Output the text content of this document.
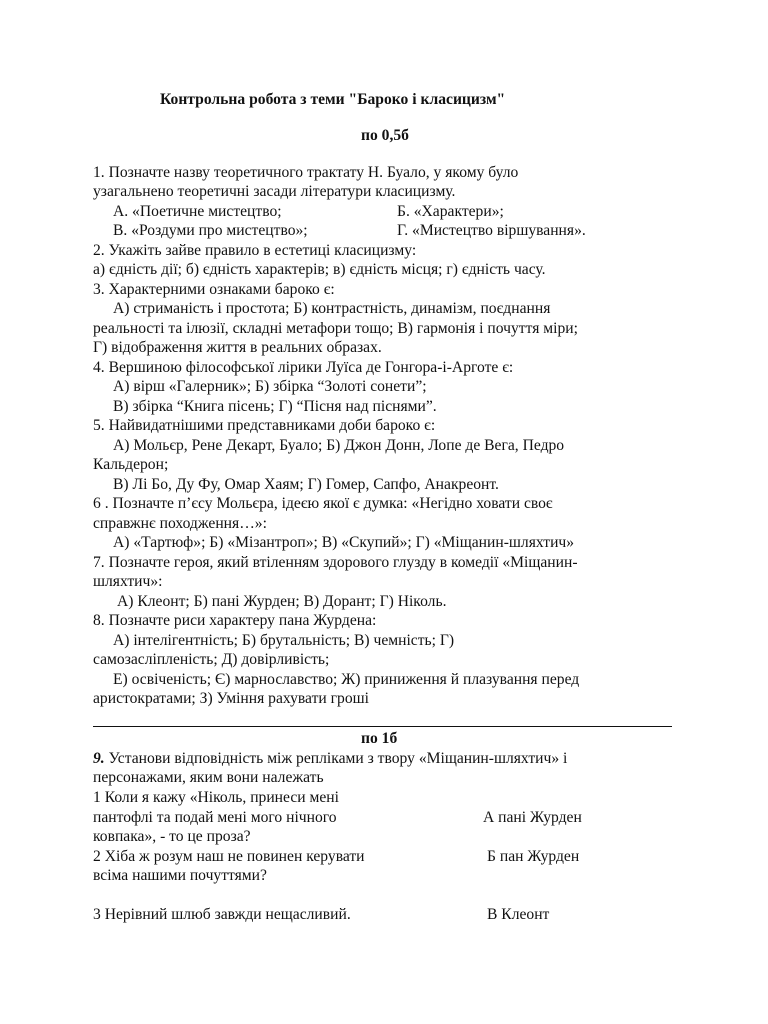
Контрольна робота з теми "Бароко і класицизм"
по 0,5б
1. Позначте назву теоретичного трактату Н. Буало, у якому було
узагальнено теоретичні засади літератури класицизму.
А. «Поетичне мистецтво;	Б. «Характери»;
В. «Роздуми про мистецтво»;	Г. «Мистецтво віршування».
2. Укажіть зайве правило в естетиці класицизму:
а) єдність дії; б) єдність характерів; в) єдність місця; г) єдність часу.
3. Характерними ознаками бароко є:
А) стриманість і простота; Б) контрастність, динамізм, поєднання
реальності та ілюзії, складні метафори тощо; В) гармонія і почуття міри;
Г) відображення життя в реальних образах.
4. Вершиною філософської лірики Луїса де Гонгора-і-Арготе є:
А) вірш «Галерник»; Б) збірка “Золоті сонети”;
В) збірка “Книга пісень; Г) “Пісня над піснями”.
5. Найвидатнішими представниками доби бароко є:
А) Мольєр, Рене Декарт, Буало; Б) Джон Донн, Лопе де Вега, Педро
Кальдерон;
В) Лі Бо, Ду Фу, Омар Хаям; Г) Гомер, Сапфо, Анакреонт.
6 . Позначте п’єсу Мольєра, ідеєю якої є думка: «Негідно ховати своє
справжнє походження…»:
А) «Тартюф»; Б) «Мізантроп»; В) «Скупий»; Г) «Міщанин-шляхтич»
7. Позначте героя, який втіленням здорового глузду в комедії «Міщанин-
шляхтич»:
А) Клеонт; Б) пані Журден; В) Дорант; Г) Ніколь.
8. Позначте риси характеру пана Журдена:
А) інтелігентність; Б) брутальність; В) чемність; Г)
самозасліпленість; Д) довірливість;
Е) освіченість; Є) марнославство; Ж) приниження й плазування перед
аристократами; З) Уміння рахувати гроші
по 1б
9. Установи відповідність між репліками з твору «Міщанин-шляхтич» і
персонажами, яким вони належать
1 Коли я кажу «Ніколь, принеси мені
пантофлі та подай мені мого нічного	А пані Журден
ковпака», - то це проза?
2 Хіба ж розум наш не повинен керувати	Б пан Журден
всіма нашими почуттями?
3 Нерівний шлюб завжди нещасливий.	В Клеонт
